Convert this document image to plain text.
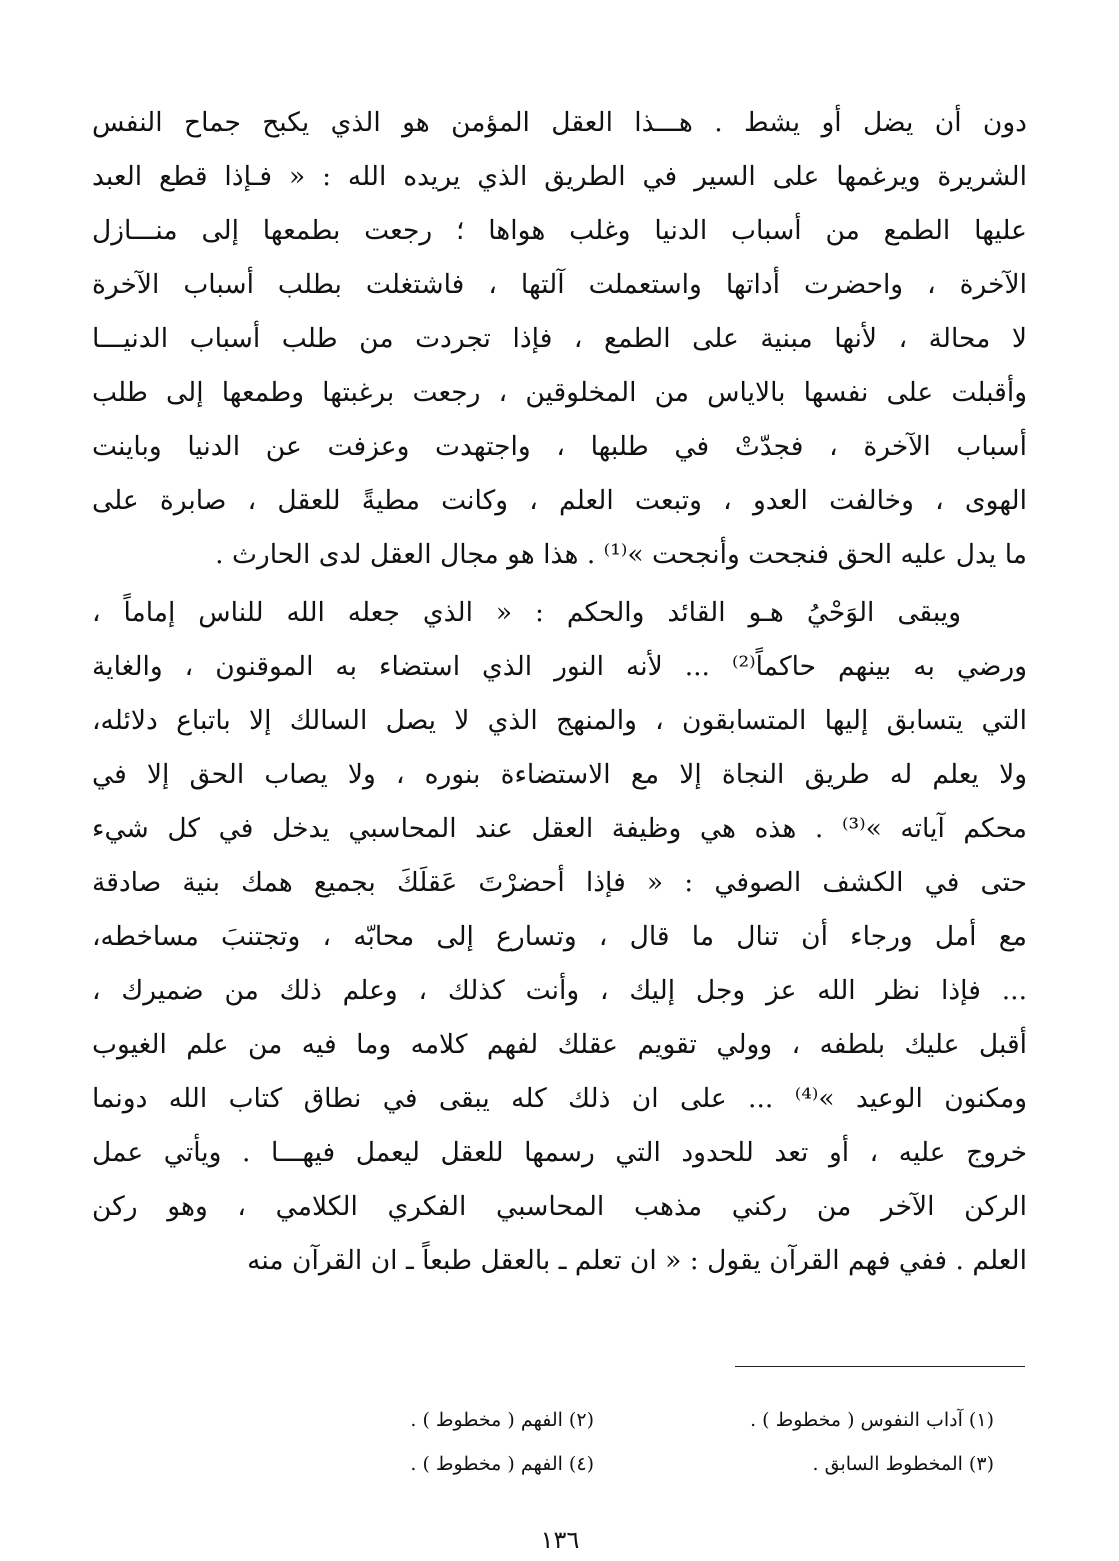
دون أن يضل أو يشط . هـــذا العقل المؤمن هو الذي يكبح جماح النفس
الشريرة ويرغمها على السير في الطريق الذي يريده الله : « فـإذا قطع العبد
عليها الطمع من أسباب الدنيا وغلب هواها ؛ رجعت بطمعها إلى منـــازل
الآخرة ، واحضرت أداتها واستعملت آلتها ، فاشتغلت بطلب أسباب الآخرة
لا محالة ، لأنها مبنية على الطمع ، فإذا تجردت من طلب أسباب الدنيـــا
وأقبلت على نفسها بالاياس من المخلوقين ، رجعت برغبتها وطمعها إلى طلب
أسباب الآخرة ، فجدّتْ في طلبها ، واجتهدت وعزفت عن الدنيا وباينت
الهوى ، وخالفت العدو ، وتبعت العلم ، وكانت مطيةً للعقل ، صابرة على
ما يدل عليه الحق فنجحت وأنجحت »⁽¹⁾ . هذا هو مجال العقل لدى الحارث .
ويبقى الوَحْيُ هـو القائد والحكم : « الذي جعله الله للناس إماماً ،
ورضي به بينهم حاكماً⁽²⁾ ... لأنه النور الذي استضاء به الموقنون ، والغاية
التي يتسابق إليها المتسابقون ، والمنهج الذي لا يصل السالك إلا باتباع دلائله،
ولا يعلم له طريق النجاة إلا مع الاستضاءة بنوره ، ولا يصاب الحق إلا في
محكم آياته »⁽³⁾ . هذه هي وظيفة العقل عند المحاسبي يدخل في كل شيء
حتى في الكشف الصوفي : « فإذا أحضرْتَ عَقلَكَ بجميع همك بنية صادقة
مع أمل ورجاء أن تنال ما قال ، وتسارع إلى محابّه ، وتجتنبَ مساخطه،
... فإذا نظر الله عز وجل إليك ، وأنت كذلك ، وعلم ذلك من ضميرك ،
أقبل عليك بلطفه ، وولي تقويم عقلك لفهم كلامه وما فيه من علم الغيوب
ومكنون الوعيد »⁽⁴⁾ ... على ان ذلك كله يبقى في نطاق كتاب الله دونما
خروج عليه ، أو تعد للحدود التي رسمها للعقل ليعمل فيهـــا . ويأتي عمل
الركن الآخر من ركني مذهب المحاسبي الفكري الكلامي ، وهو ركن
العلم . ففي فهم القرآن يقول : « ان تعلم ـ بالعقل طبعاً ـ ان القرآن منه
(١) آداب النفوس ( مخطوط ) .
(٢) الفهم ( مخطوط ) .
(٣) المخطوط السابق .
(٤) الفهم ( مخطوط ) .
١٣٦
